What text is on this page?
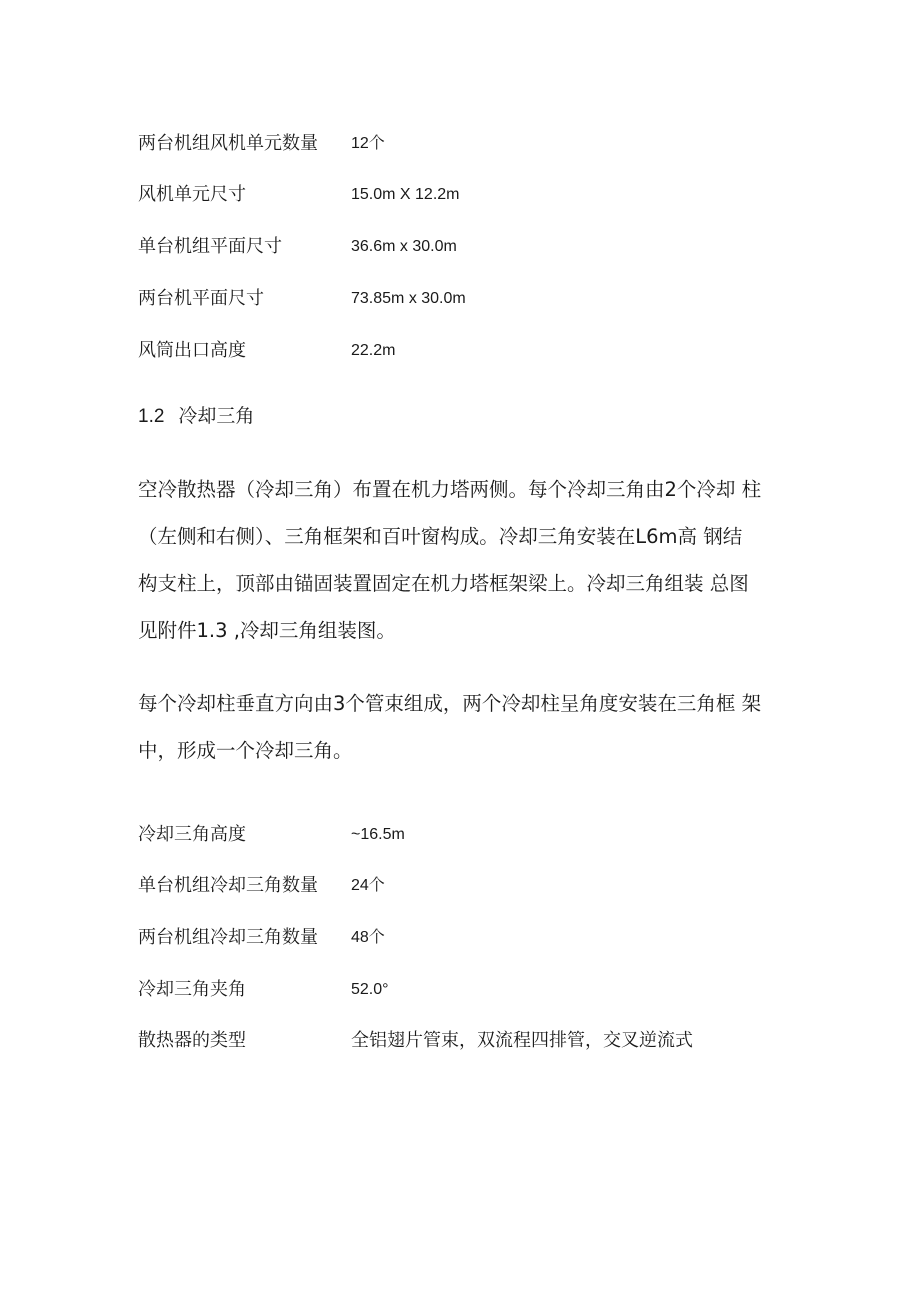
两台机组风机单元数量 12个
风机单元尺寸	15.0m X 12.2m
单台机组平面尺寸	36.6m x 30.0m
两台机平面尺寸	73.85m x 30.0m
风筒出口高度	22.2m
1.2 冷却三角

空冷散热器（冷却三角）布置在机力塔两侧。每个冷却三角由2个冷却 柱
（左侧和右侧）、三角框架和百叶窗构成。冷却三角安装在L6m高 钢结
构支柱上，顶部由锚固装置固定在机力塔框架梁上。冷却三角组装 总图
见附件1.3 ,冷却三角组装图。

每个冷却柱垂直方向由3个管束组成，两个冷却柱呈角度安装在三角框 架
中，形成一个冷却三角。

冷却三角高度	~16.5m
单台机组冷却三角数量 24个
两台机组冷却三角数量 48个
冷却三角夹角	52.0°
散热器的类型	全铝翅片管束，双流程四排管，交叉逆流式
